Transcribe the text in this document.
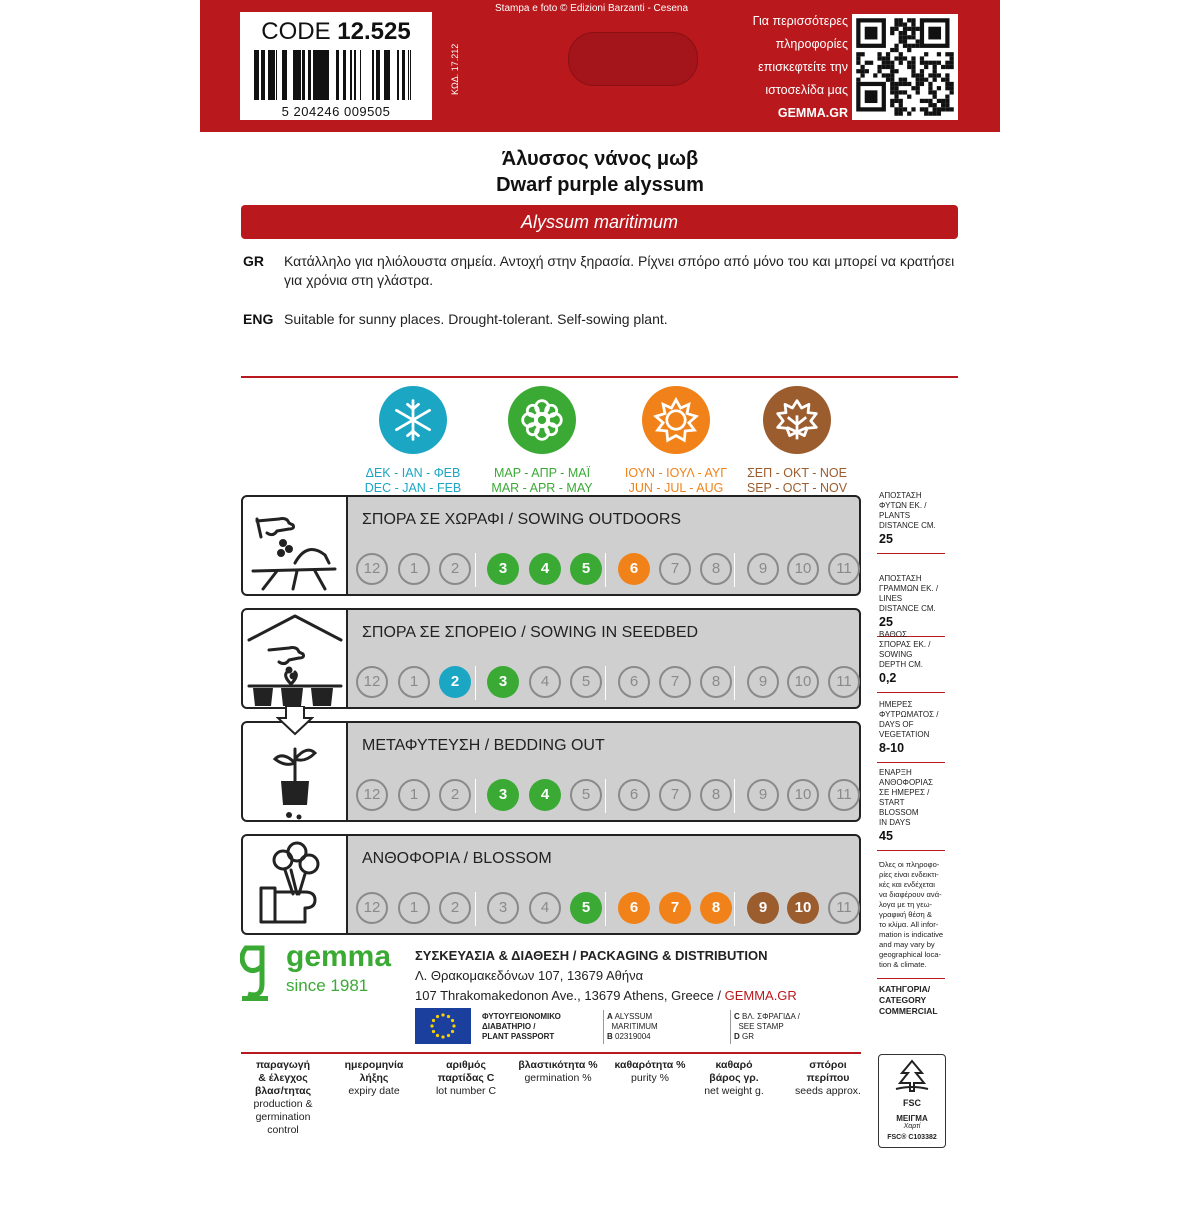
CODE 12.525
5 204246 009505
ΚΩΔ. 17.212
Stampa e foto © Edizioni Barzanti - Cesena
Για περισσότερες
πληροφορίες
επισκεφτείτε την
ιστοσελίδα μας
GEMMA.GR
Άλυσσος νάνος μωβ
Dwarf purple alyssum
Alyssum maritimum
GR Κατάλληλο για ηλιόλουστα σημεία. Αντοχή στην ξηρασία. Ρίχνει σπόρο από μόνο του και μπορεί να κρατήσει για χρόνια στη γλάστρα.
ENG Suitable for sunny places. Drought-tolerant. Self-sowing plant.
ΔΕΚ - ΙΑΝ - ΦΕΒ
DEC - JAN - FEB
ΜΑΡ - ΑΠΡ - ΜΑΪ
MAR - APR - MAY
ΙΟΥΝ - ΙΟΥΛ - ΑΥΓ
JUN - JUL - AUG
ΣΕΠ - ΟΚΤ - ΝΟΕ
SEP - OCT - NOV
ΣΠΟΡΑ ΣΕ ΧΩΡΑΦΙ / SOWING OUTDOORS
12	1	2	3	4	5	6	7	8	9	10	11
ΣΠΟΡΑ ΣΕ ΣΠΟΡΕΙΟ / SOWING IN SEEDBED
12	1	2	3	4	5	6	7	8	9	10	11
ΜΕΤΑΦΥΤΕΥΣΗ / BEDDING OUT
12	1	2	3	4	5	6	7	8	9	10	11
ΑΝΘΟΦΟΡΙΑ / BLOSSOM
12	1	2	3	4	5	6	7	8	9	10	11
ΑΠΟΣΤΑΣΗ
ΦΥΤΩΝ ΕΚ. /
PLANTS
DISTANCE CM.
25
ΑΠΟΣΤΑΣΗ
ΓΡΑΜΜΩΝ ΕΚ. /
LINES
DISTANCE CM.
25
ΒΑΘΟΣ
ΣΠΟΡΑΣ ΕΚ. /
SOWING
DEPTH CM.
0,2
ΗΜΕΡΕΣ
ΦΥΤΡΩΜΑΤΟΣ /
DAYS OF
VEGETATION
8-10
ΕΝΑΡΞΗ
ΑΝΘΟΦΟΡΙΑΣ
ΣΕ ΗΜΕΡΕΣ /
START
BLOSSOM
IN DAYS
45
Όλες οι πληροφο-
ρίες είναι ενδεικτι-
κές και ενδέχεται
να διαφέρουν ανά-
λογα με τη γεω-
γραφική θέση &
το κλίμα. All infor-
mation is indicative
and may vary by
geographical loca-
tion & climate.
ΚΑΤΗΓΟΡΙΑ/
CATEGORY
COMMERCIAL
gemma
since 1981
ΣΥΣΚΕΥΑΣΙΑ & ΔΙΑΘΕΣΗ / PACKAGING & DISTRIBUTION
Λ. Θρακομακεδόνων 107, 13679 Αθήνα
107 Thrakomakedonon Ave., 13679 Athens, Greece / GEMMA.GR
ΦΥΤΟΥΓΕΙΟΝΟΜΙΚΟ
ΔΙΑΒΑΤΗΡΙΟ /
PLANT PASSPORT
A ALYSSUM
MARITIMUM
B 02319004
C ΒΛ. ΣΦΡΑΓΙΔΑ /
SEE STAMP
D GR
παραγωγή
& έλεγχος
βλασ/τητας
production &
germination
control
ημερομηνία
λήξης
expiry date
αριθμός
παρτίδας C
lot number C
βλαστικότητα %
germination %
καθαρότητα %
purity %
καθαρό
βάρος γρ.
net weight g.
σπόροι
περίπου
seeds approx.
FSC
ΜΕΙΓΜΑ
Χαρτί
FSC® C103382
